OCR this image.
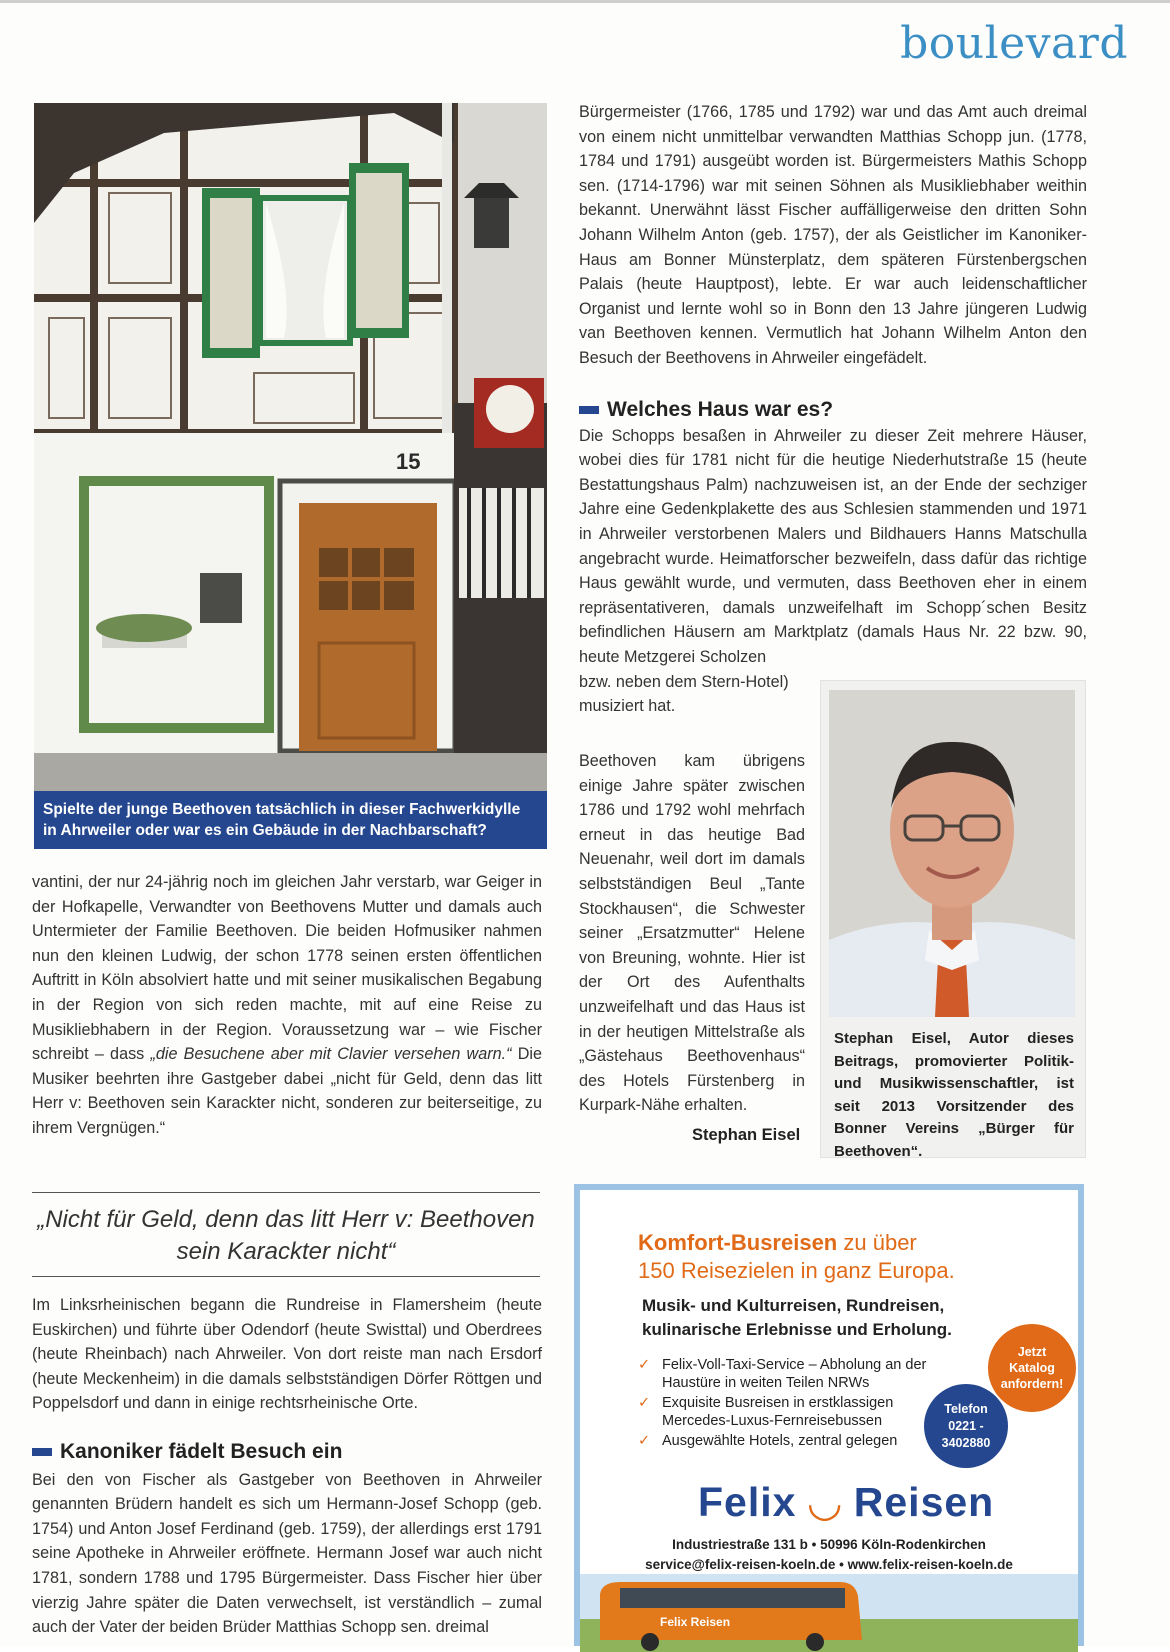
boulevard
15
Spielte der junge Beethoven tatsächlich in dieser Fachwerkidylle in Ahrweiler oder war es ein Gebäude in der Nachbarschaft?

vantini, der nur 24-jährig noch im gleichen Jahr verstarb, war Geiger in der Hofkapelle, Verwandter von Beethovens Mutter und damals auch Untermieter der Familie Beethoven. Die beiden Hofmusiker nahmen nun den kleinen Ludwig, der schon 1778 seinen ersten öffentlichen Auftritt in Köln absolviert hatte und mit seiner musikalischen Begabung in der Region von sich reden machte, mit auf eine Reise zu Musikliebhabern in der Region. Voraussetzung war – wie Fischer schreibt – dass „die Besuchene aber mit Clavier versehen warn.“ Die Musiker beehrten ihre Gastgeber dabei „nicht für Geld, denn das litt Herr v: Beethoven sein Karackter nicht, sonderen zur beiterseitige, zu ihrem Vergnügen.“

„Nicht für Geld, denn das litt Herr v: Beethoven sein Karackter nicht“

Im Linksrheinischen begann die Rundreise in Flamersheim (heute Euskirchen) und führte über Odendorf (heute Swisttal) und Oberdrees (heute Rheinbach) nach Ahrweiler. Von dort reiste man nach Ersdorf (heute Meckenheim) in die damals selbstständigen Dörfer Röttgen und Poppelsdorf und dann in einige rechtsrheinische Orte.

Kanoniker fädelt Besuch ein

Bei den von Fischer als Gastgeber von Beethoven in Ahrweiler genannten Brüdern handelt es sich um Hermann-Josef Schopp (geb. 1754) und Anton Josef Ferdinand (geb. 1759), der allerdings erst 1791 seine Apotheke in Ahrweiler eröffnete. Hermann Josef war auch nicht 1781, sondern 1788 und 1795 Bürgermeister. Dass Fischer hier über vierzig Jahre später die Daten verwechselt, ist verständlich – zumal auch der Vater der beiden Brüder Matthias Schopp sen. dreimal

Bürgermeister (1766, 1785 und 1792) war und das Amt auch dreimal von einem nicht unmittelbar verwandten Matthias Schopp jun. (1778, 1784 und 1791) ausgeübt worden ist. Bürgermeisters Mathis Schopp sen. (1714-1796) war mit seinen Söhnen als Musikliebhaber weithin bekannt. Unerwähnt lässt Fischer auffälligerweise den dritten Sohn Johann Wilhelm Anton (geb. 1757), der als Geistlicher im Kanoniker-Haus am Bonner Münsterplatz, dem späteren Fürstenbergschen Palais (heute Hauptpost), lebte. Er war auch leidenschaftlicher Organist und lernte wohl so in Bonn den 13 Jahre jüngeren Ludwig van Beethoven kennen. Vermutlich hat Johann Wilhelm Anton den Besuch der Beethovens in Ahrweiler eingefädelt.

Welches Haus war es?

Die Schopps besaßen in Ahrweiler zu dieser Zeit mehrere Häuser, wobei dies für 1781 nicht für die heutige Niederhutstraße 15 (heute Bestattungshaus Palm) nachzuweisen ist, an der Ende der sechziger Jahre eine Gedenkplakette des aus Schlesien stammenden und 1971 in Ahrweiler verstorbenen Malers und Bildhauers Hanns Matschulla angebracht wurde. Heimatforscher bezweifeln, dass dafür das richtige Haus gewählt wurde, und vermuten, dass Beethoven eher in einem repräsentativeren, damals unzweifelhaft im Schopp´schen Besitz befindlichen Häusern am Marktplatz (damals Haus Nr. 22 bzw. 90, heute Metzgerei Scholzen

bzw. neben dem Stern-Hotel)

musiziert hat.

Beethoven kam übrigens einige Jahre später zwischen 1786 und 1792 wohl mehrfach erneut in das heutige Bad Neuenahr, weil dort im damals selbstständigen Beul „Tante Stockhausen“, die Schwester seiner „Ersatzmutter“ Helene von Breuning, wohnte. Hier ist der Ort des Aufenthalts unzweifelhaft und das Haus ist in der heutigen Mittelstraße als „Gästehaus Beethovenhaus“ des Hotels Fürstenberg in Kurpark-Nähe erhalten.

Stephan Eisel
Stephan Eisel, Autor dieses Beitrags, promovierter Politik- und Musikwissenschaftler, ist seit 2013 Vorsitzender des Bonner Vereins „Bürger für Beethoven“.
Komfort-Busreisen zu über
150 Reisezielen in ganz Europa.
Musik- und Kulturreisen, Rundreisen,
kulinarische Erlebnisse und Erholung.
✓ Felix-Voll-Taxi-Service – Abholung an der Haustüre in weiten Teilen NRWs
✓ Exquisite Busreisen in erstklassigen Mercedes-Luxus-Fernreisebussen
✓ Ausgewählte Hotels, zentral gelegen
Jetzt
Katalog
anfordern!
Telefon
0221 -
3402880
Felix ◡ Reisen
Industriestraße 131 b • 50996 Köln-Rodenkirchen
service@felix-reisen-koeln.de • www.felix-reisen-koeln.de
Felix Reisen
